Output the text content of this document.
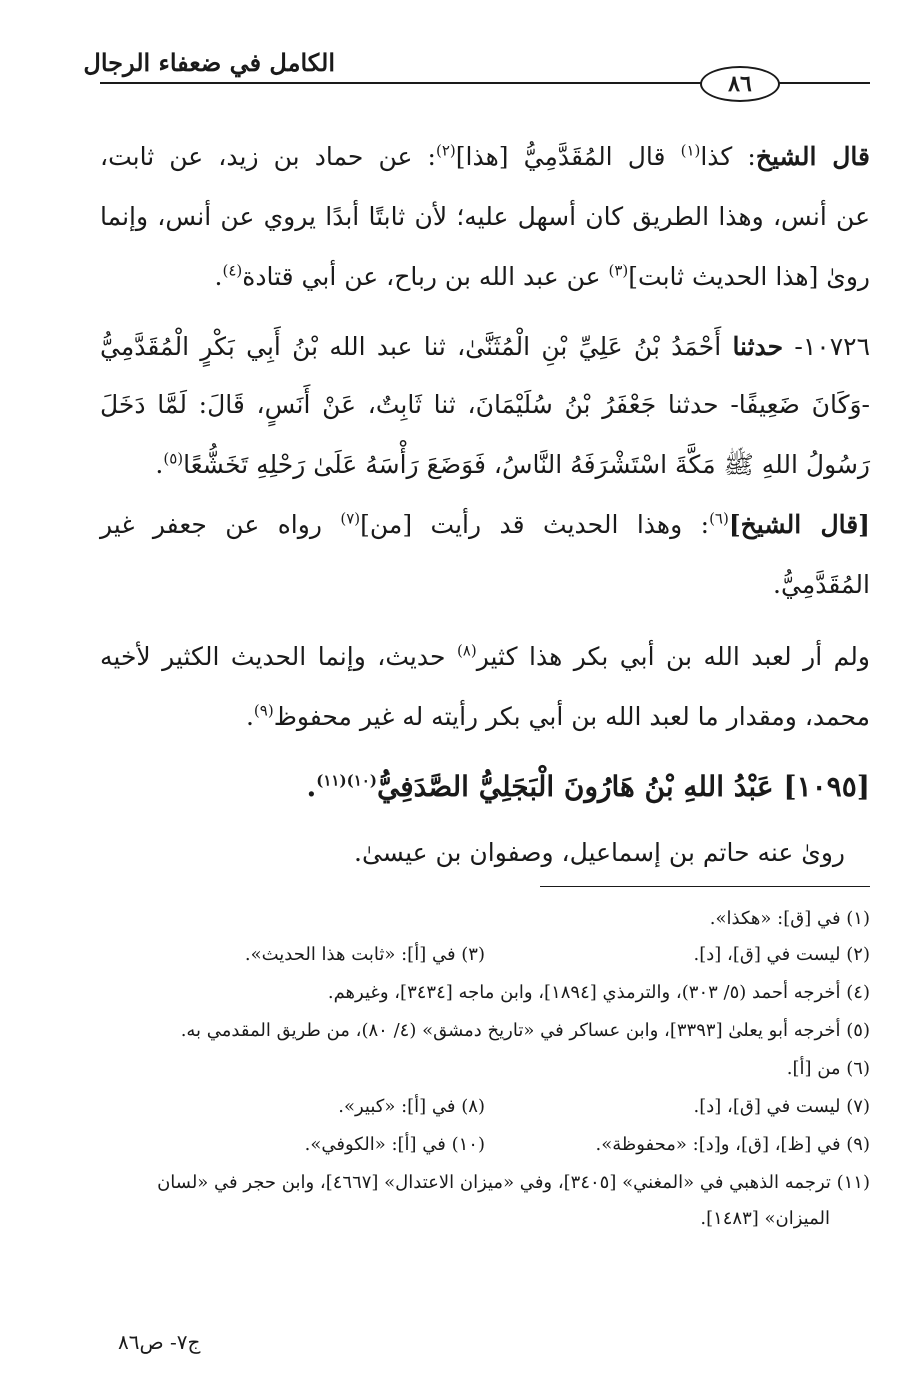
الكامل في ضعفاء الرجال
٨٦
قال الشيخ: كذا$^{(١)}$ قال المُقَدَّمِيُّ [هذا]$^{(٢)}$: عن حماد بن زيد، عن ثابت،
عن أنس، وهذا الطريق كان أسهل عليه؛ لأن ثابتًا أبدًا يروي عن أنس، وإنما
روىٰ [هذا الحديث ثابت]$^{(٣)}$ عن عبد الله بن رباح، عن أبي قتادة$^{(٤)}$.
١٠٧٢٦- حدثنا أَحْمَدُ بْنُ عَلِيِّ بْنِ الْمُثَنَّىٰ، ثنا عبد الله بْنُ أَبِي بَكْرٍ الْمُقَدَّمِيُّ
-وَكَانَ ضَعِيفًا- حدثنا جَعْفَرُ بْنُ سُلَيْمَانَ، ثنا ثَابِتٌ، عَنْ أَنَسٍ، قَالَ: لَمَّا دَخَلَ
رَسُولُ اللهِ ﷺ مَكَّةَ اسْتَشْرَفَهُ النَّاسُ، فَوَضَعَ رَأْسَهُ عَلَىٰ رَحْلِهِ تَخَشُّعًا$^{(٥)}$.
[قال الشيخ]$^{(٦)}$: وهذا الحديث قد رأيت [من]$^{(٧)}$ رواه عن جعفر غير
المُقَدَّمِيُّ.
ولم أر لعبد الله بن أبي بكر هذا كثير$^{(٨)}$ حديث، وإنما الحديث الكثير لأخيه
محمد، ومقدار ما لعبد الله بن أبي بكر رأيته له غير محفوظ$^{(٩)}$.
[١٠٩٥] عَبْدُ اللهِ بْنُ هَارُونَ الْبَجَلِيُّ الصَّدَفِيُّ$^{(١٠)(١١)}$.
روىٰ عنه حاتم بن إسماعيل، وصفوان بن عيسىٰ.
(١) في [ق]: «هكذا».
(٢) ليست في [ق]، [د].
(٣) في [أ]: «ثابت هذا الحديث».
(٤) أخرجه أحمد (٥/ ٣٠٣)، والترمذي [١٨٩٤]، وابن ماجه [٣٤٣٤]، وغيرهم.
(٥) أخرجه أبو يعلىٰ [٣٣٩٣]، وابن عساكر في «تاريخ دمشق» (٤/ ٨٠)، من طريق المقدمي به.
(٦) من [أ].
(٧) ليست في [ق]، [د].
(٨) في [أ]: «كبير».
(٩) في [ظ]، [ق]، و[د]: «محفوظة».
(١٠) في [أ]: «الكوفي».
(١١) ترجمه الذهبي في «المغني» [٣٤٠٥]، وفي «ميزان الاعتدال» [٤٦٦٧]، وابن حجر في «لسان
الميزان» [١٤٨٣].
ج٧- ص٨٦
